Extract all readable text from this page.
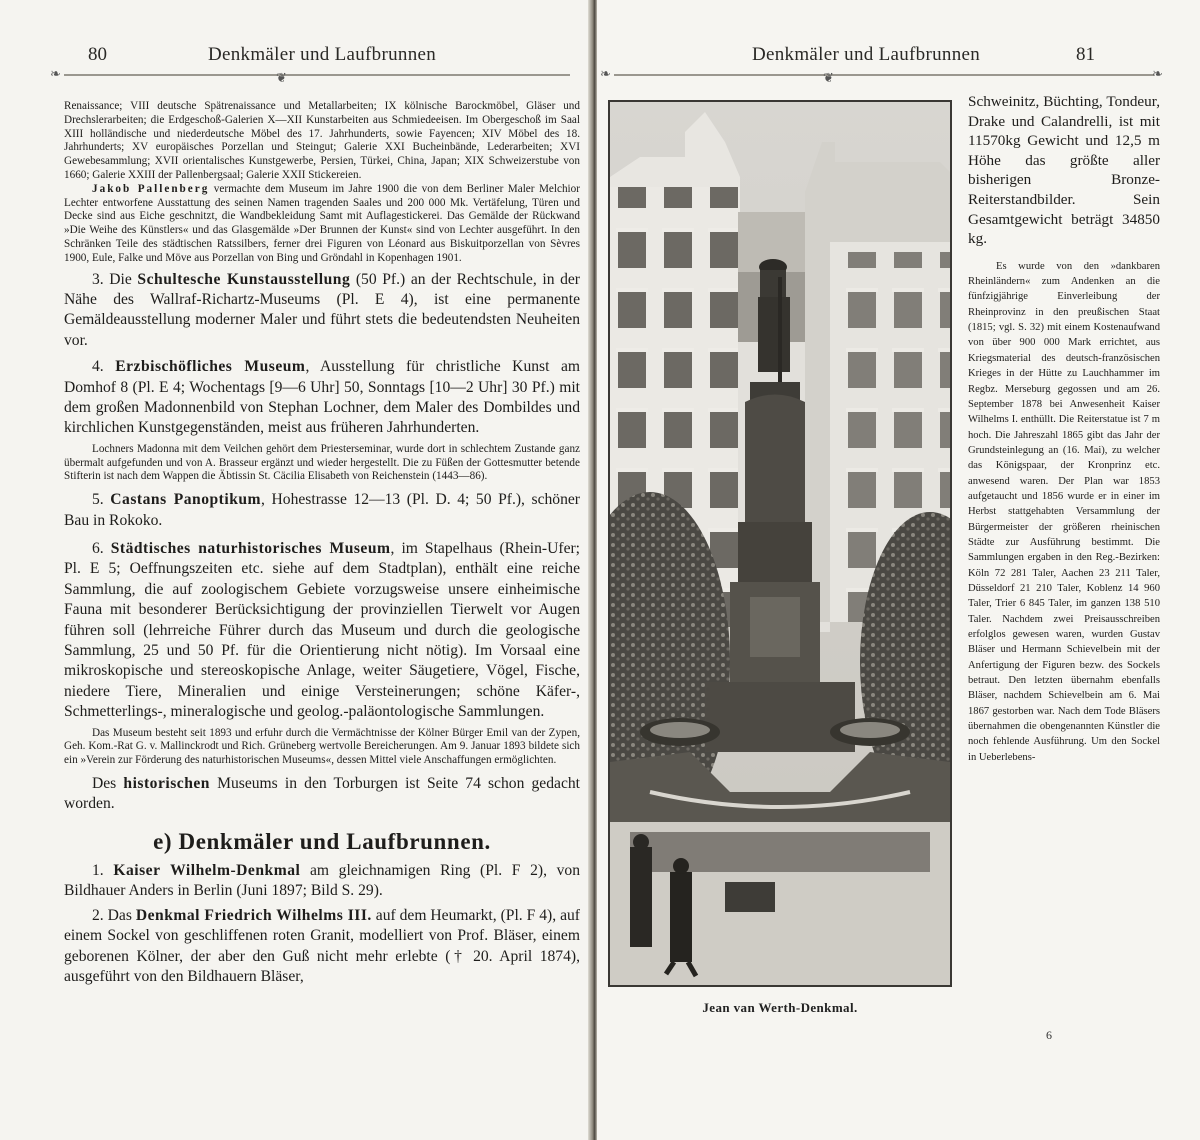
80	Denkmäler und Laufbrunnen
❧	❦

Renaissance; VIII deutsche Spätrenaissance und Metallarbeiten; IX kölnische Barockmöbel, Gläser und Drechslerarbeiten; die Erdgeschoß-Galerien X—XII Kunstarbeiten aus Schmiedeeisen. Im Obergeschoß im Saal XIII holländische und niederdeutsche Möbel des 17. Jahrhunderts, sowie Fayencen; XIV Möbel des 18. Jahrhunderts; XV europäisches Porzellan und Steingut; Galerie XXI Bucheinbände, Lederarbeiten; XVI Gewebesammlung; XVII orientalisches Kunstgewerbe, Persien, Türkei, China, Japan; XIX Schweizerstube von 1660; Galerie XXIII der Pallenbergsaal; Galerie XXII Stickereien.

Jakob Pallenberg vermachte dem Museum im Jahre 1900 die von dem Berliner Maler Melchior Lechter entworfene Ausstattung des seinen Namen tragenden Saales und 200 000 Mk. Vertäfelung, Türen und Decke sind aus Eiche geschnitzt, die Wandbekleidung Samt mit Auflagestickerei. Das Gemälde der Rückwand »Die Weihe des Künstlers« und das Glasgemälde »Der Brunnen der Kunst« sind von Lechter ausgeführt. In den Schränken Teile des städtischen Ratssilbers, ferner drei Figuren von Léonard aus Biskuitporzellan von Sèvres 1900, Eule, Falke und Möve aus Porzellan von Bing und Gröndahl in Kopenhagen 1901.

3. Die Schultesche Kunstausstellung (50 Pf.) an der Rechtschule, in der Nähe des Wallraf-Richartz-Museums (Pl. E 4), ist eine permanente Gemäldeausstellung moderner Maler und führt stets die bedeutendsten Neuheiten vor.

4. Erzbischöfliches Museum, Ausstellung für christliche Kunst am Domhof 8 (Pl. E 4; Wochentags [9—6 Uhr] 50, Sonntags [10—2 Uhr] 30 Pf.) mit dem großen Madonnenbild von Stephan Lochner, dem Maler des Dombildes und kirchlichen Kunstgegenständen, meist aus früheren Jahrhunderten.

Lochners Madonna mit dem Veilchen gehört dem Priesterseminar, wurde dort in schlechtem Zustande ganz übermalt aufgefunden und von A. Brasseur ergänzt und wieder hergestellt. Die zu Füßen der Gottesmutter betende Stifterin ist nach dem Wappen die Äbtissin St. Cäcilia Elisabeth von Reichenstein (1443—86).

5. Castans Panoptikum, Hohestrasse 12—13 (Pl. D. 4; 50 Pf.), schöner Bau in Rokoko.

6. Städtisches naturhistorisches Museum, im Stapelhaus (Rhein-Ufer; Pl. E 5; Oeffnungszeiten etc. siehe auf dem Stadtplan), enthält eine reiche Sammlung, die auf zoologischem Gebiete vorzugsweise unsere einheimische Fauna mit besonderer Berücksichtigung der provinziellen Tierwelt vor Augen führen soll (lehrreiche Führer durch das Museum und durch die geologische Sammlung, 25 und 50 Pf. für die Orientierung nicht nötig). Im Vorsaal eine mikroskopische und stereoskopische Anlage, weiter Säugetiere, Vögel, Fische, niedere Tiere, Mineralien und einige Versteinerungen; schöne Käfer-, Schmetterlings-, mineralogische und geolog.-paläontologische Sammlungen.

Das Museum besteht seit 1893 und erfuhr durch die Vermächtnisse der Kölner Bürger Emil van der Zypen, Geh. Kom.-Rat G. v. Mallinckrodt und Rich. Grüneberg wertvolle Bereicherungen. Am 9. Januar 1893 bildete sich ein »Verein zur Förderung des naturhistorischen Museums«, dessen Mittel viele Anschaffungen ermöglichten.

Des historischen Museums in den Torburgen ist Seite 74 schon gedacht worden.

e) Denkmäler und Laufbrunnen.

1. Kaiser Wilhelm-Denkmal am gleichnamigen Ring (Pl. F 2), von Bildhauer Anders in Berlin (Juni 1897; Bild S. 29).

2. Das Denkmal Friedrich Wilhelms III. auf dem Heumarkt, (Pl. F 4), auf einem Sockel von geschliffenen roten Granit, modelliert von Prof. Bläser, einem geborenen Kölner, der aber den Guß nicht mehr erlebte († 20. April 1874), ausgeführt von den Bildhauern Bläser,

Denkmäler und Laufbrunnen	81
❧	❦	❧
Jean van Werth-Denkmal.

Schweinitz, Büchting, Tondeur, Drake und Calandrelli, ist mit 11570kg Gewicht und 12,5 m Höhe das größte aller bisherigen Bronze-Reiterstandbilder. Sein Gesamtgewicht beträgt 34850 kg.

Es wurde von den »dankbaren Rheinländern« zum Andenken an die fünfzigjährige Einverleibung der Rheinprovinz in den preußischen Staat (1815; vgl. S. 32) mit einem Kostenaufwand von über 900 000 Mark errichtet, aus Kriegsmaterial des deutsch-französischen Krieges in der Hütte zu Lauchhammer im Regbz. Merseburg gegossen und am 26. September 1878 bei Anwesenheit Kaiser Wilhelms I. enthüllt. Die Reiterstatue ist 7 m hoch. Die Jahreszahl 1865 gibt das Jahr der Grundsteinlegung an (16. Mai), zu welcher das Königspaar, der Kronprinz etc. anwesend waren. Der Plan war 1853 aufgetaucht und 1856 wurde er in einer im Herbst stattgehabten Versammlung der Bürgermeister der größeren rheinischen Städte zur Ausführung bestimmt. Die Sammlungen ergaben in den Reg.-Bezirken: Köln 72 281 Taler, Aachen 23 211 Taler, Düsseldorf 21 210 Taler, Koblenz 14 960 Taler, Trier 6 845 Taler, im ganzen 138 510 Taler. Nachdem zwei Preisausschreiben erfolglos gewesen waren, wurden Gustav Bläser und Hermann Schievelbein mit der Anfertigung der Figuren bezw. des Sockels betraut. Den letzten übernahm ebenfalls Bläser, nachdem Schievelbein am 6. Mai 1867 gestorben war. Nach dem Tode Bläsers übernahmen die obengenannten Künstler die noch fehlende Ausführung. Um den Sockel in Ueberlebens-

6
